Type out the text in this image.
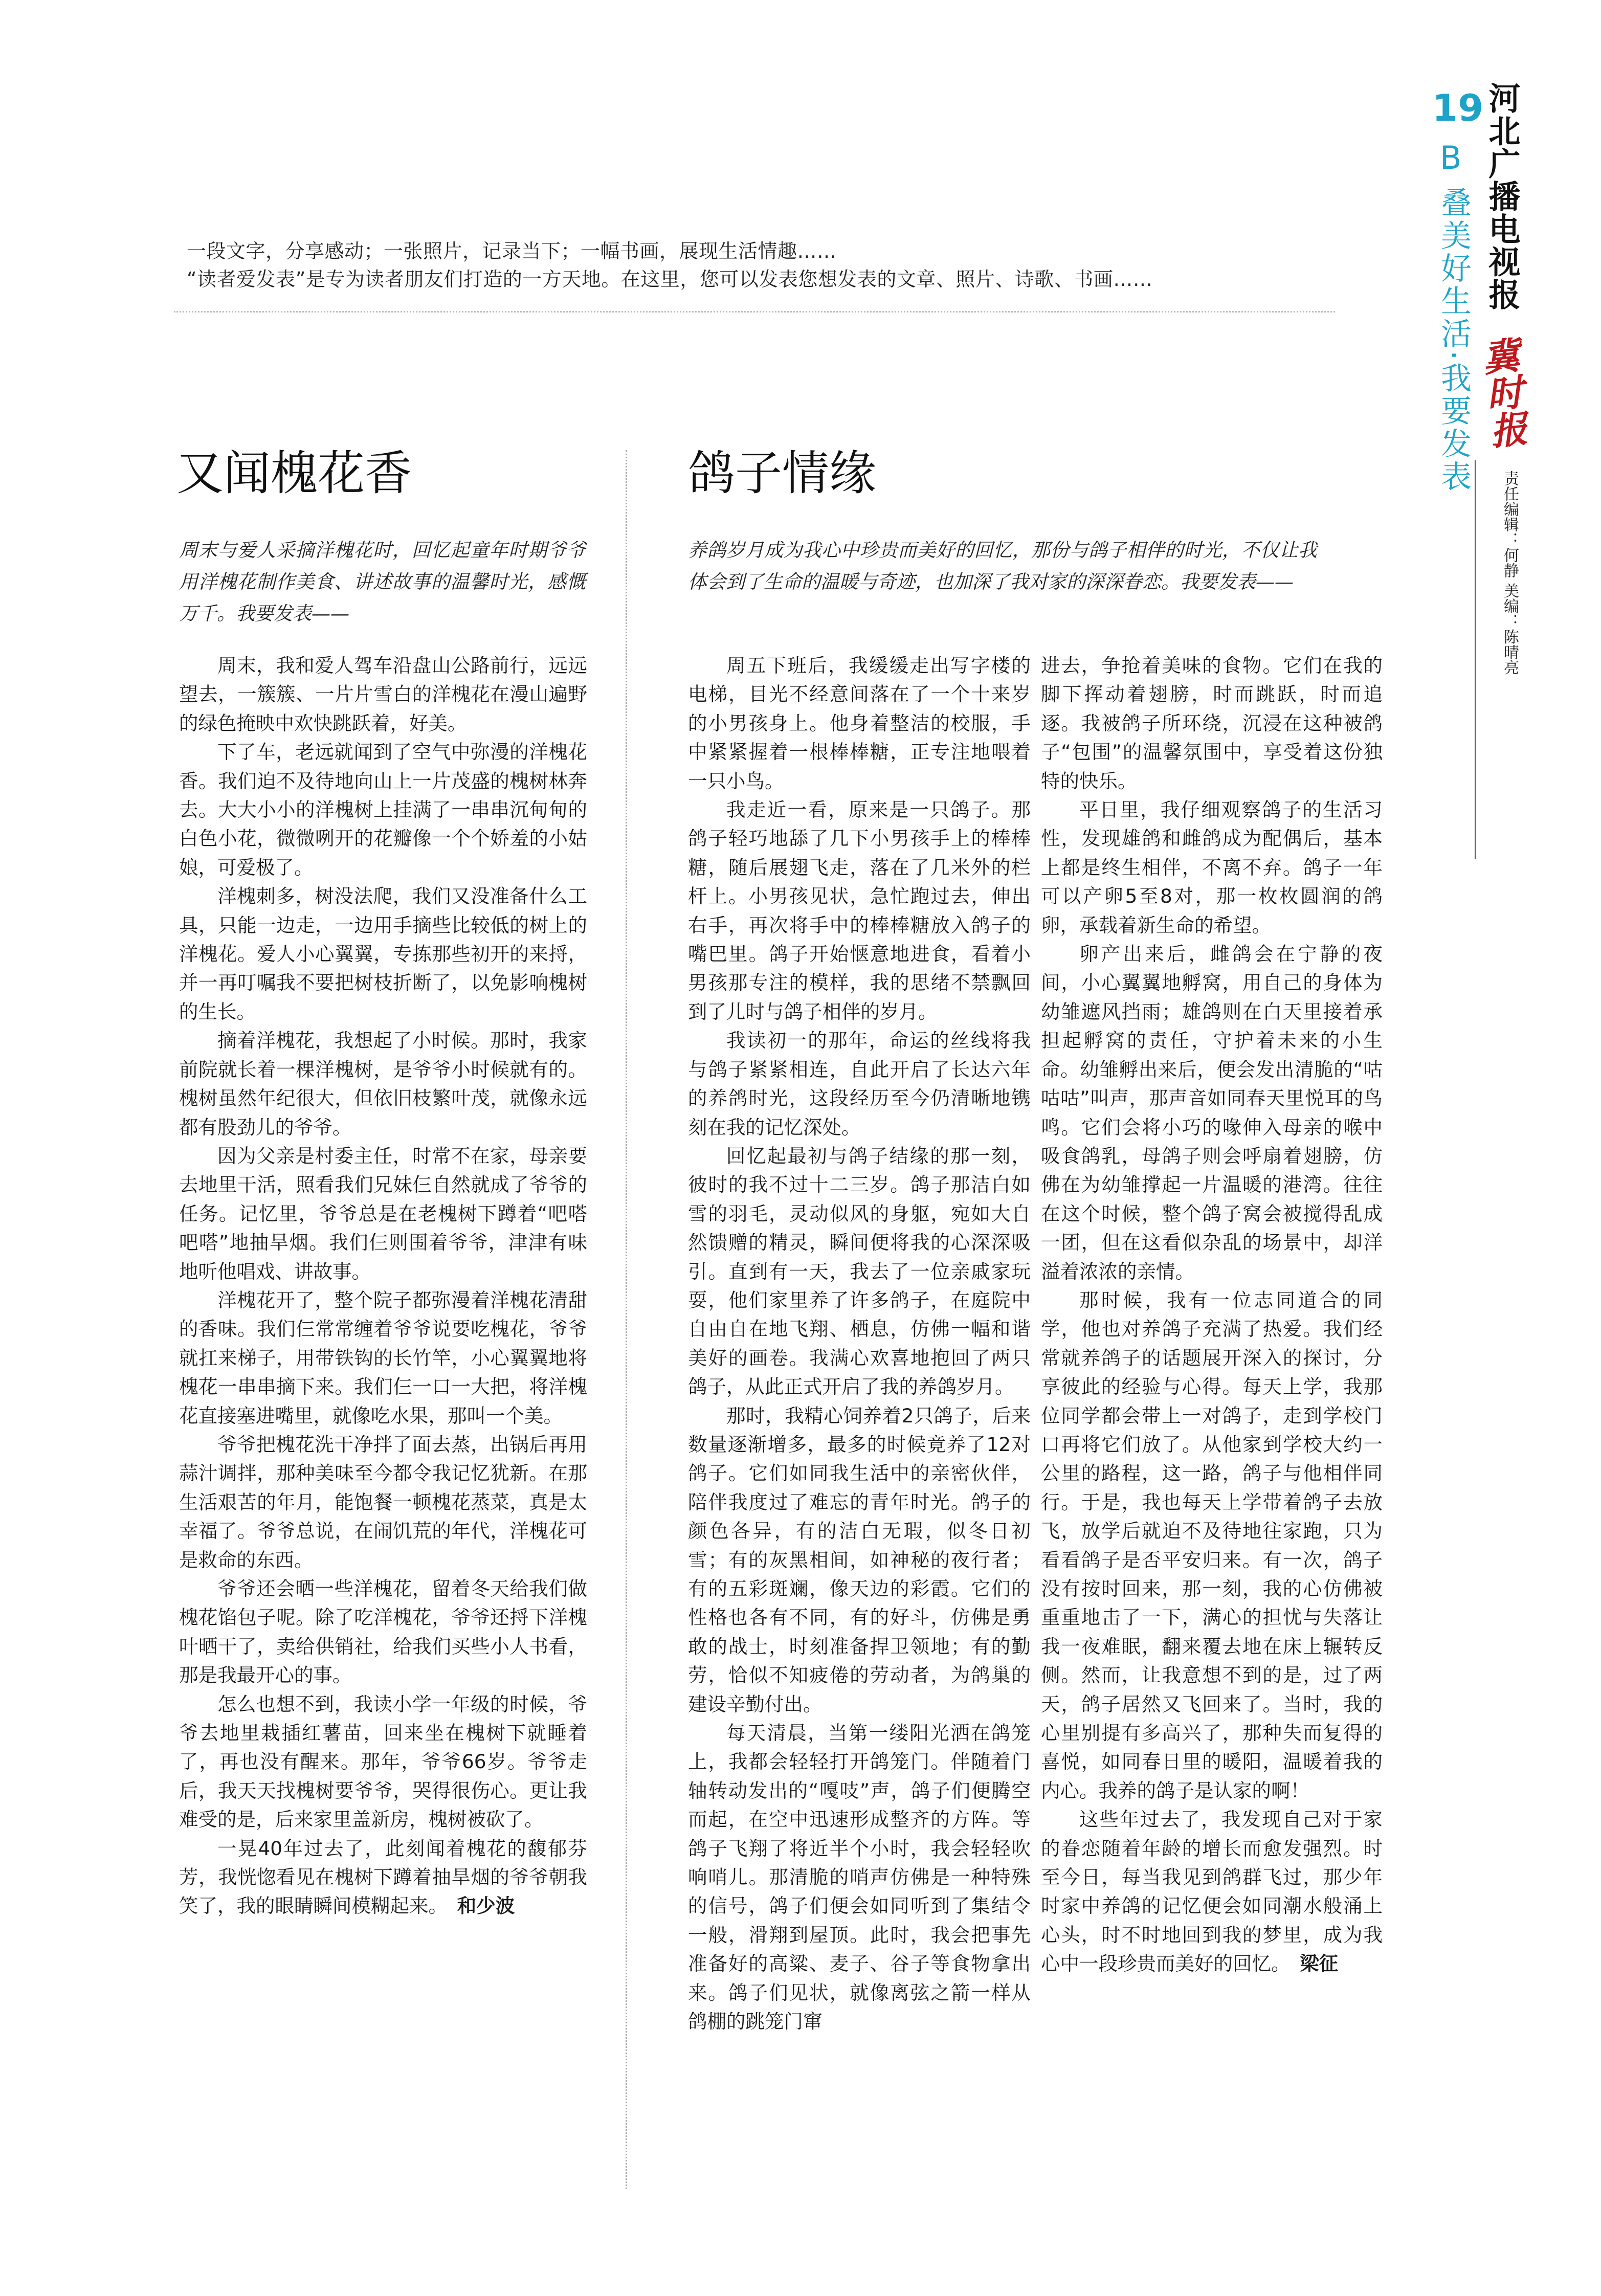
19
B
叠美好生活·我要发表 河北广播电视报
冀时报
责任编辑：何静 美编：陈晴亮
一段文字，分享感动；一张照片，记录当下；一幅书画，展现生活情趣……
“读者爱发表”是专为读者朋友们打造的一方天地。在这里，您可以发表您想发表的文章、照片、诗歌、书画……
又闻槐花香
周末与爱人采摘洋槐花时，回忆起童年时期爷爷用洋槐花制作美食、讲述故事的温馨时光，感慨万千。我要发表——

周末，我和爱人驾车沿盘山公路前行，远远望去，一簇簇、一片片雪白的洋槐花在漫山遍野的绿色掩映中欢快跳跃着，好美。

下了车，老远就闻到了空气中弥漫的洋槐花香。我们迫不及待地向山上一片茂盛的槐树林奔去。大大小小的洋槐树上挂满了一串串沉甸甸的白色小花，微微咧开的花瓣像一个个娇羞的小姑娘，可爱极了。

洋槐刺多，树没法爬，我们又没准备什么工具，只能一边走，一边用手摘些比较低的树上的洋槐花。爱人小心翼翼，专拣那些初开的来捋，并一再叮嘱我不要把树枝折断了，以免影响槐树的生长。

摘着洋槐花，我想起了小时候。那时，我家前院就长着一棵洋槐树，是爷爷小时候就有的。槐树虽然年纪很大，但依旧枝繁叶茂，就像永远都有股劲儿的爷爷。

因为父亲是村委主任，时常不在家，母亲要去地里干活，照看我们兄妹仨自然就成了爷爷的任务。记忆里，爷爷总是在老槐树下蹲着“吧嗒吧嗒”地抽旱烟。我们仨则围着爷爷，津津有味地听他唱戏、讲故事。

洋槐花开了，整个院子都弥漫着洋槐花清甜的香味。我们仨常常缠着爷爷说要吃槐花，爷爷就扛来梯子，用带铁钩的长竹竿，小心翼翼地将槐花一串串摘下来。我们仨一口一大把，将洋槐花直接塞进嘴里，就像吃水果，那叫一个美。

爷爷把槐花洗干净拌了面去蒸，出锅后再用蒜汁调拌，那种美味至今都令我记忆犹新。在那生活艰苦的年月，能饱餐一顿槐花蒸菜，真是太幸福了。爷爷总说，在闹饥荒的年代，洋槐花可是救命的东西。

爷爷还会晒一些洋槐花，留着冬天给我们做槐花馅包子呢。除了吃洋槐花，爷爷还捋下洋槐叶晒干了，卖给供销社，给我们买些小人书看，那是我最开心的事。

怎么也想不到，我读小学一年级的时候，爷爷去地里栽插红薯苗，回来坐在槐树下就睡着了，再也没有醒来。那年，爷爷66岁。爷爷走后，我天天找槐树要爷爷，哭得很伤心。更让我难受的是，后来家里盖新房，槐树被砍了。

一晃40年过去了，此刻闻着槐花的馥郁芬芳，我恍惚看见在槐树下蹲着抽旱烟的爷爷朝我笑了，我的眼睛瞬间模糊起来。  和少波

鸽子情缘
养鸽岁月成为我心中珍贵而美好的回忆，那份与鸽子相伴的时光，不仅让我体会到了生命的温暖与奇迹，也加深了我对家的深深眷恋。我要发表——

周五下班后，我缓缓走出写字楼的电梯，目光不经意间落在了一个十来岁的小男孩身上。他身着整洁的校服，手中紧紧握着一根棒棒糖，正专注地喂着一只小鸟。

我走近一看，原来是一只鸽子。那鸽子轻巧地舔了几下小男孩手上的棒棒糖，随后展翅飞走，落在了几米外的栏杆上。小男孩见状，急忙跑过去，伸出右手，再次将手中的棒棒糖放入鸽子的嘴巴里。鸽子开始惬意地进食，看着小男孩那专注的模样，我的思绪不禁飘回到了儿时与鸽子相伴的岁月。

我读初一的那年，命运的丝线将我与鸽子紧紧相连，自此开启了长达六年的养鸽时光，这段经历至今仍清晰地镌刻在我的记忆深处。

回忆起最初与鸽子结缘的那一刻，彼时的我不过十二三岁。鸽子那洁白如雪的羽毛，灵动似风的身躯，宛如大自然馈赠的精灵，瞬间便将我的心深深吸引。直到有一天，我去了一位亲戚家玩耍，他们家里养了许多鸽子，在庭院中自由自在地飞翔、栖息，仿佛一幅和谐美好的画卷。我满心欢喜地抱回了两只鸽子，从此正式开启了我的养鸽岁月。

那时，我精心饲养着2只鸽子，后来数量逐渐增多，最多的时候竟养了12对鸽子。它们如同我生活中的亲密伙伴，陪伴我度过了难忘的青年时光。鸽子的颜色各异，有的洁白无瑕，似冬日初雪；有的灰黑相间，如神秘的夜行者；有的五彩斑斓，像天边的彩霞。它们的性格也各有不同，有的好斗，仿佛是勇敢的战士，时刻准备捍卫领地；有的勤劳，恰似不知疲倦的劳动者，为鸽巢的建设辛勤付出。

每天清晨，当第一缕阳光洒在鸽笼上，我都会轻轻打开鸽笼门。伴随着门轴转动发出的“嘎吱”声，鸽子们便腾空而起，在空中迅速形成整齐的方阵。等鸽子飞翔了将近半个小时，我会轻轻吹响哨儿。那清脆的哨声仿佛是一种特殊的信号，鸽子们便会如同听到了集结令一般，滑翔到屋顶。此时，我会把事先准备好的高粱、麦子、谷子等食物拿出来。鸽子们见状，就像离弦之箭一样从鸽棚的跳笼门窜

进去，争抢着美味的食物。它们在我的脚下挥动着翅膀，时而跳跃，时而追逐。我被鸽子所环绕，沉浸在这种被鸽子“包围”的温馨氛围中，享受着这份独特的快乐。

平日里，我仔细观察鸽子的生活习性，发现雄鸽和雌鸽成为配偶后，基本上都是终生相伴，不离不弃。鸽子一年可以产卵5至8对，那一枚枚圆润的鸽卵，承载着新生命的希望。

卵产出来后，雌鸽会在宁静的夜间，小心翼翼地孵窝，用自己的身体为幼雏遮风挡雨；雄鸽则在白天里接着承担起孵窝的责任，守护着未来的小生命。幼雏孵出来后，便会发出清脆的“咕咕咕”叫声，那声音如同春天里悦耳的鸟鸣。它们会将小巧的喙伸入母亲的喉中吸食鸽乳，母鸽子则会呼扇着翅膀，仿佛在为幼雏撑起一片温暖的港湾。往往在这个时候，整个鸽子窝会被搅得乱成一团，但在这看似杂乱的场景中，却洋溢着浓浓的亲情。

那时候，我有一位志同道合的同学，他也对养鸽子充满了热爱。我们经常就养鸽子的话题展开深入的探讨，分享彼此的经验与心得。每天上学，我那位同学都会带上一对鸽子，走到学校门口再将它们放了。从他家到学校大约一公里的路程，这一路，鸽子与他相伴同行。于是，我也每天上学带着鸽子去放飞，放学后就迫不及待地往家跑，只为看看鸽子是否平安归来。有一次，鸽子没有按时回来，那一刻，我的心仿佛被重重地击了一下，满心的担忧与失落让我一夜难眠，翻来覆去地在床上辗转反侧。然而，让我意想不到的是，过了两天，鸽子居然又飞回来了。当时，我的心里别提有多高兴了，那种失而复得的喜悦，如同春日里的暖阳，温暖着我的内心。我养的鸽子是认家的啊！

这些年过去了，我发现自己对于家的眷恋随着年龄的增长而愈发强烈。时至今日，每当我见到鸽群飞过，那少年时家中养鸽的记忆便会如同潮水般涌上心头，时不时地回到我的梦里，成为我心中一段珍贵而美好的回忆。  梁征
